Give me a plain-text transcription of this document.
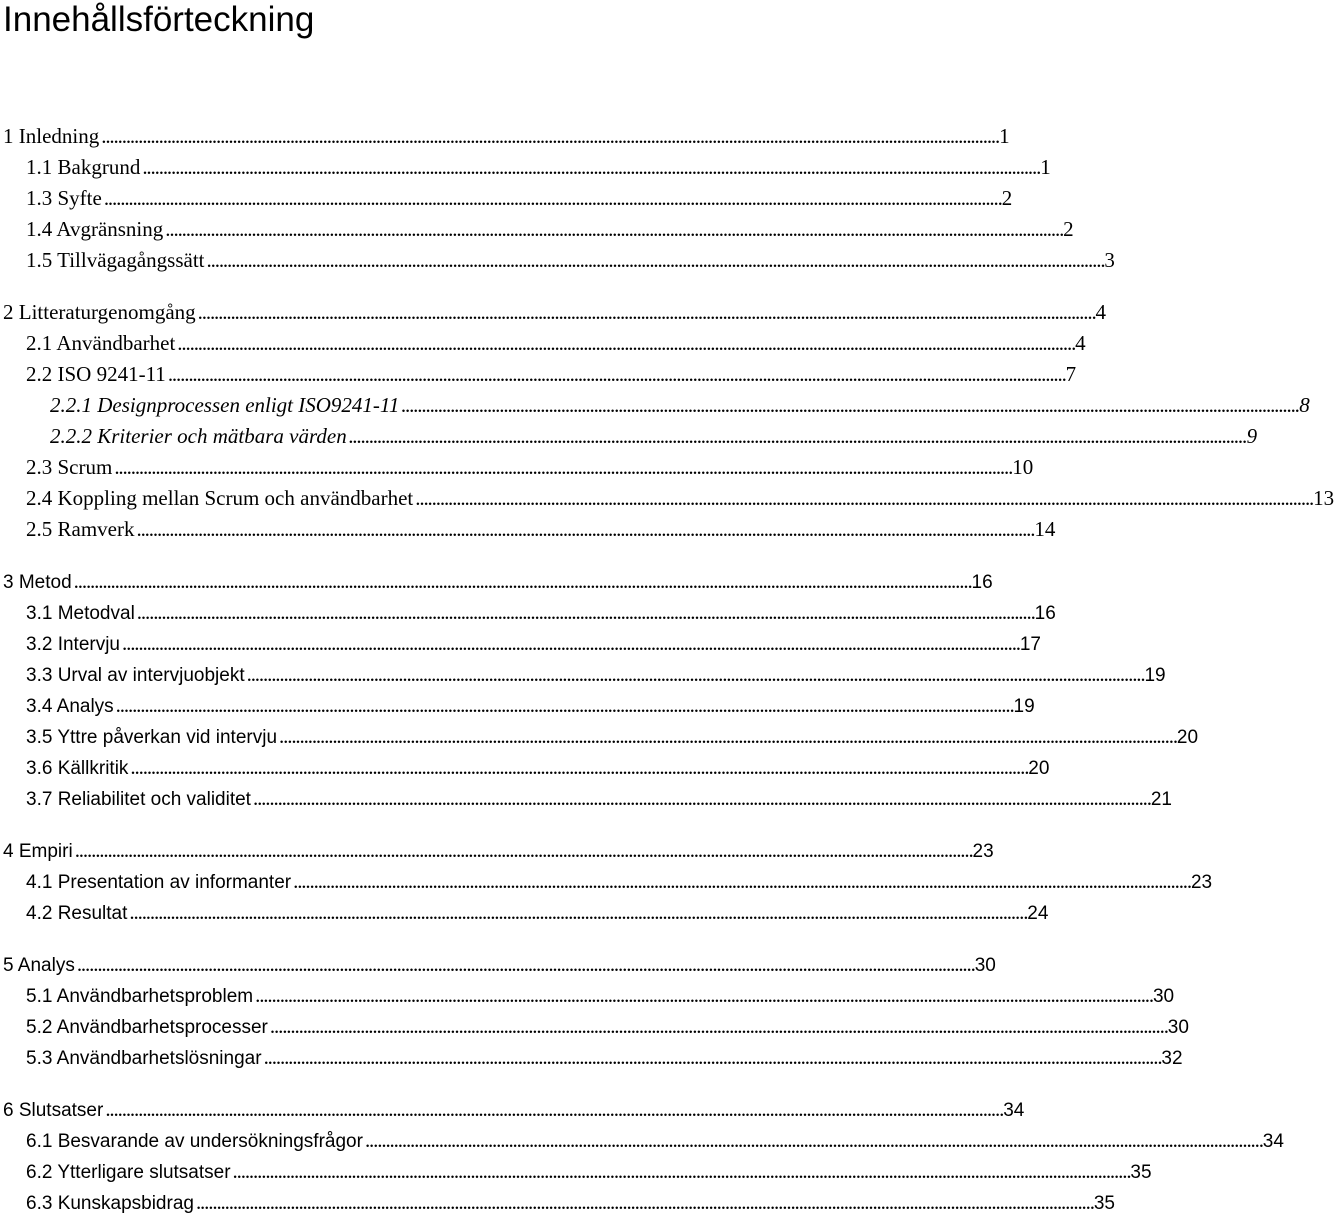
Innehållsförteckning
1 Inledning . . .	1
1.1 Bakgrund . . .	1
1.3 Syfte . . .	2
1.4 Avgränsning . . .	2
1.5 Tillvägagångssätt . . .	3
2 Litteraturgenomgång . . .	4
2.1 Användbarhet . . .	4
2.2 ISO 9241-11 . . .	7
2.2.1 Designprocessen enligt ISO9241-11 . . .	8
2.2.2 Kriterier och mätbara värden . . .	9
2.3 Scrum . . .	10
2.4 Koppling mellan Scrum och användbarhet . . .	13
2.5 Ramverk . . .	14
3 Metod . . .	16
3.1 Metodval . . .	16
3.2 Intervju . . .	17
3.3 Urval av intervjuobjekt . . .	19
3.4 Analys . . .	19
3.5 Yttre påverkan vid intervju . . .	20
3.6 Källkritik . . .	20
3.7 Reliabilitet och validitet . . .	21
4 Empiri . . .	23
4.1 Presentation av informanter . . .	23
4.2 Resultat . . .	24
5 Analys . . .	30
5.1 Användbarhetsproblem . . .	30
5.2 Användbarhetsprocesser . . .	30
5.3 Användbarhetslösningar . . .	32
6 Slutsatser . . .	34
6.1 Besvarande av undersökningsfrågor . . .	34
6.2 Ytterligare slutsatser . . .	35
6.3 Kunskapsbidrag . . .	35
